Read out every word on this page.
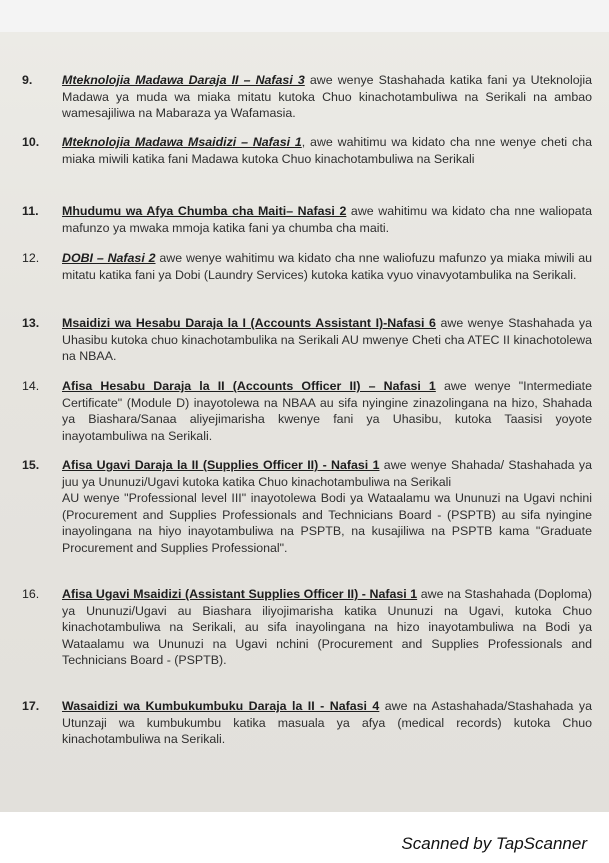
9.	Mteknolojia Madawa Daraja II – Nafasi 3 awe wenye Stashahada katika fani ya Uteknolojia Madawa ya muda wa miaka mitatu kutoka Chuo kinachotambuliwa na Serikali na ambao wamesajiliwa na Mabaraza ya Wafamasia.
10.	Mteknolojia Madawa Msaidizi – Nafasi 1, awe wahitimu wa kidato cha nne wenye cheti cha miaka miwili katika fani Madawa kutoka Chuo kinachotambuliwa na Serikali
11.	Mhudumu wa Afya Chumba cha Maiti– Nafasi 2 awe wahitimu wa kidato cha nne waliopata mafunzo ya mwaka mmoja katika fani ya chumba cha maiti.
12.	DOBI – Nafasi 2 awe wenye wahitimu wa kidato cha nne waliofuzu mafunzo ya miaka miwili au mitatu katika fani ya Dobi (Laundry Services) kutoka katika vyuo vinavyotambulika na Serikali.
13.	Msaidizi wa Hesabu Daraja la I (Accounts Assistant I)-Nafasi 6 awe wenye Stashahada ya Uhasibu kutoka chuo kinachotambulika na Serikali AU mwenye Cheti cha ATEC II kinachotolewa na NBAA.
14.	Afisa Hesabu Daraja la II (Accounts Officer II) – Nafasi 1 awe wenye "Intermediate Certificate" (Module D) inayotolewa na NBAA au sifa nyingine zinazolingana na hizo, Shahada ya Biashara/Sanaa aliyejimarisha kwenye fani ya Uhasibu, kutoka Taasisi yoyote inayotambuliwa na Serikali.
15.	Afisa Ugavi Daraja la II (Supplies Officer II) - Nafasi 1 awe wenye Shahada/ Stashahada ya juu ya Ununuzi/Ugavi kutoka katika Chuo kinachotambuliwa na Serikali
AU wenye "Professional level III" inayotolewa Bodi ya Wataalamu wa Ununuzi na Ugavi nchini (Procurement and Supplies Professionals and Technicians Board - (PSPTB) au sifa nyingine inayolingana na hiyo inayotambuliwa na PSPTB, na kusajiliwa na PSPTB kama "Graduate Procurement and Supplies Professional".
16.	Afisa Ugavi Msaidizi (Assistant Supplies Officer II) - Nafasi 1 awe na Stashahada (Doploma) ya Ununuzi/Ugavi au Biashara iliyojimarisha katika Ununuzi na Ugavi, kutoka Chuo kinachotambuliwa na Serikali, au sifa inayolingana na hizo inayotambuliwa na Bodi ya Wataalamu wa Ununuzi na Ugavi nchini (Procurement and Supplies Professionals and Technicians Board - (PSPTB).
17.	Wasaidizi wa Kumbukumbuku Daraja la II - Nafasi 4 awe na Astashahada/Stashahada ya Utunzaji wa kumbukumbu katika masuala ya afya (medical records) kutoka Chuo kinachotambuliwa na Serikali.
Scanned by TapScanner
